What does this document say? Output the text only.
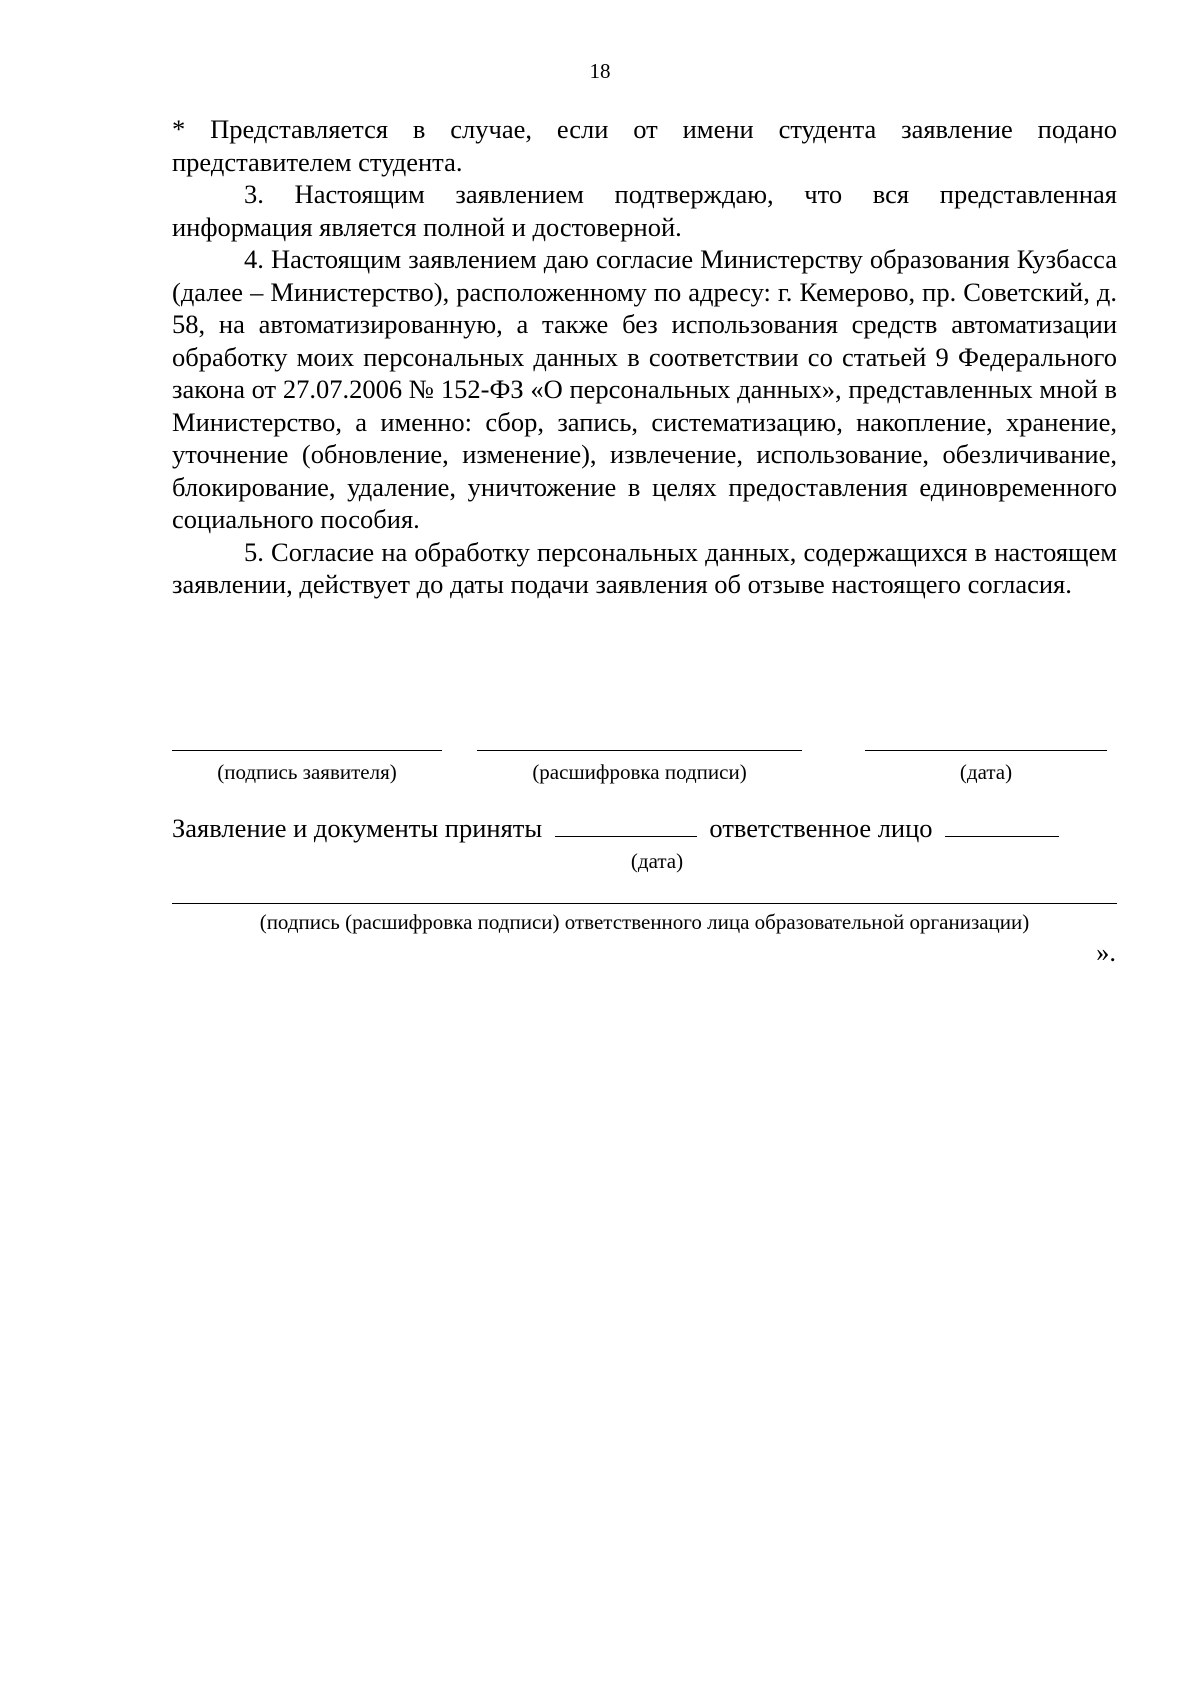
18

* Представляется в случае, если от имени студента заявление подано представителем студента.

3. Настоящим заявлением подтверждаю, что вся представленная информация является полной и достоверной.

4. Настоящим заявлением даю согласие Министерству образования Кузбасса (далее – Министерство), расположенному по адресу: г. Кемерово, пр. Советский, д. 58, на автоматизированную, а также без использования средств автоматизации обработку моих персональных данных в соответствии со статьей 9 Федерального закона от 27.07.2006 № 152-ФЗ «О персональных данных», представленных мной в Министерство, а именно: сбор, запись, систематизацию, накопление, хранение, уточнение (обновление, изменение), извлечение, использование, обезличивание, блокирование, удаление, уничтожение в целях предоставления единовременного социального пособия.

5. Согласие на обработку персональных данных, содержащихся в настоящем заявлении, действует до даты подачи заявления об отзыве настоящего согласия.

(подпись заявителя)	(расшифровка подписи)	(дата)
Заявление и документы приняты	ответственное лицо
(дата)
(подпись (расшифровка подписи) ответственного лица образовательной организации)
».
